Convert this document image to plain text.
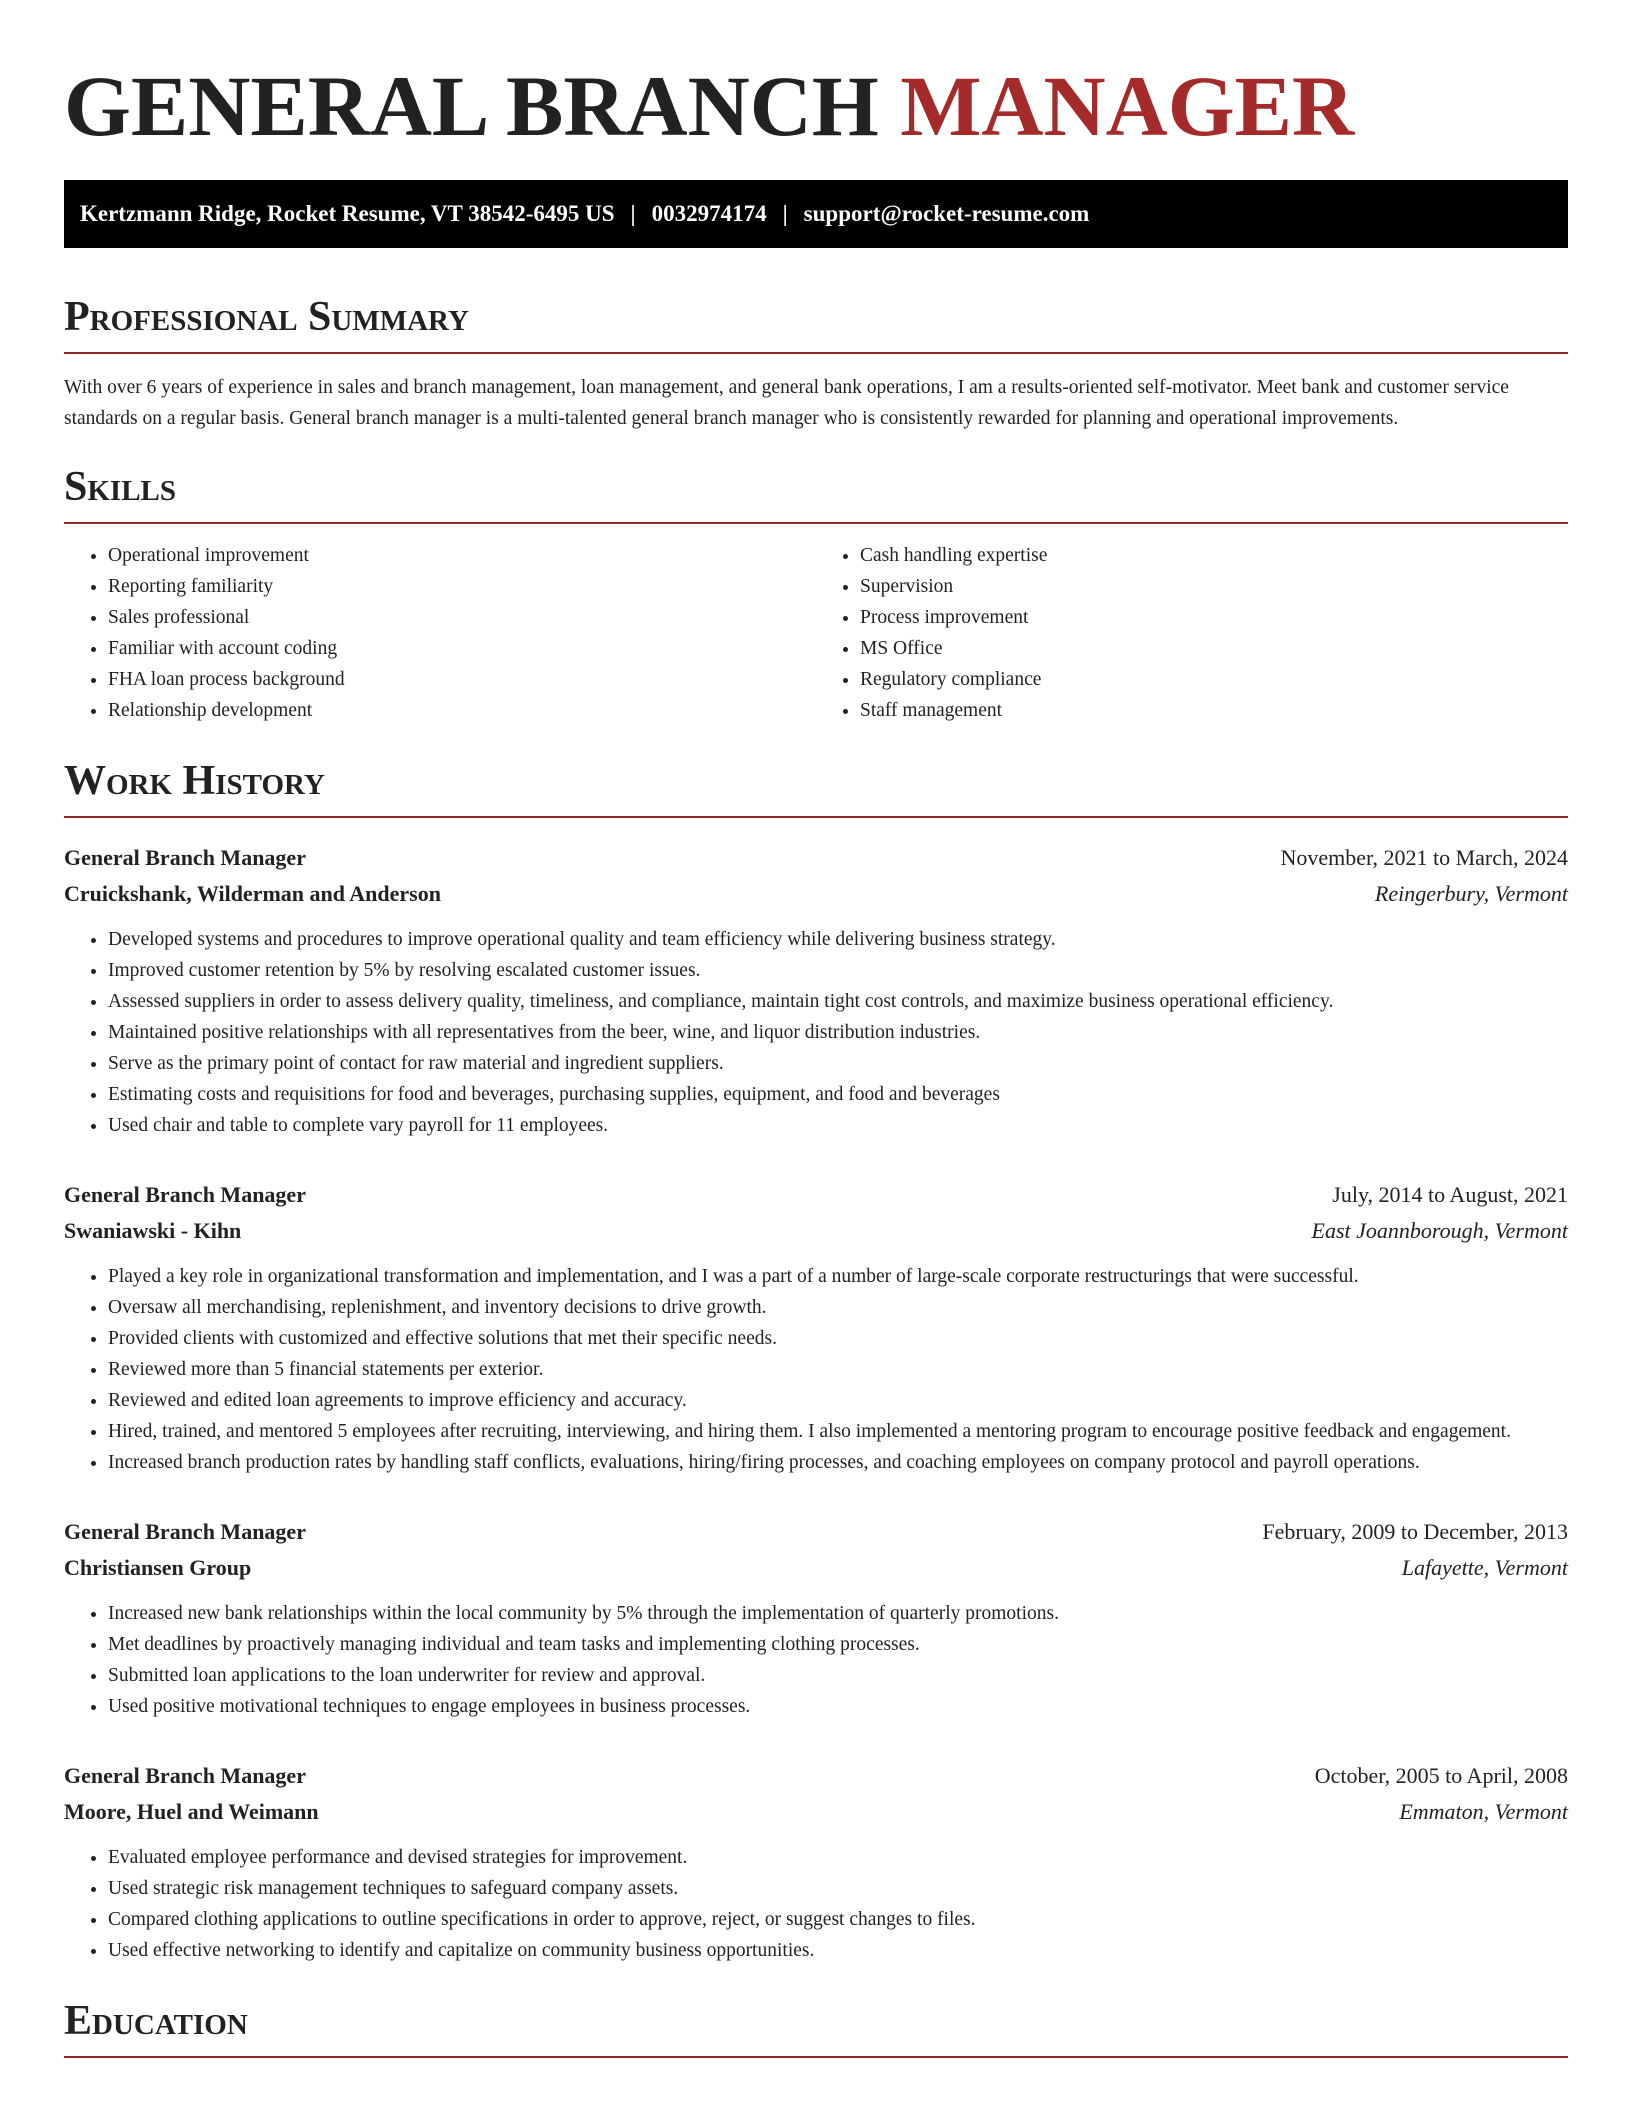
GENERAL BRANCH MANAGER
Kertzmann Ridge, Rocket Resume, VT 38542-6495 US | 0032974174 | support@rocket-resume.com
Professional Summary

With over 6 years of experience in sales and branch management, loan management, and general bank operations, I am a results-oriented self-motivator. Meet bank and customer service standards on a regular basis. General branch manager is a multi-talented general branch manager who is consistently rewarded for planning and operational improvements.

Skills
• Operational improvement
• Reporting familiarity
• Sales professional
• Familiar with account coding
• FHA loan process background
• Relationship development
• Cash handling expertise
• Supervision
• Process improvement
• MS Office
• Regulatory compliance
• Staff management
Work History
General Branch Manager	November, 2021 to March, 2024
Cruickshank, Wilderman and Anderson	Reingerbury, Vermont
• Developed systems and procedures to improve operational quality and team efficiency while delivering business strategy.
• Improved customer retention by 5% by resolving escalated customer issues.
• Assessed suppliers in order to assess delivery quality, timeliness, and compliance, maintain tight cost controls, and maximize business operational efficiency.
• Maintained positive relationships with all representatives from the beer, wine, and liquor distribution industries.
• Serve as the primary point of contact for raw material and ingredient suppliers.
• Estimating costs and requisitions for food and beverages, purchasing supplies, equipment, and food and beverages
• Used chair and table to complete vary payroll for 11 employees.
General Branch Manager	July, 2014 to August, 2021
Swaniawski - Kihn	East Joannborough, Vermont
• Played a key role in organizational transformation and implementation, and I was a part of a number of large-scale corporate restructurings that were successful.
• Oversaw all merchandising, replenishment, and inventory decisions to drive growth.
• Provided clients with customized and effective solutions that met their specific needs.
• Reviewed more than 5 financial statements per exterior.
• Reviewed and edited loan agreements to improve efficiency and accuracy.
• Hired, trained, and mentored 5 employees after recruiting, interviewing, and hiring them. I also implemented a mentoring program to encourage positive feedback and engagement.
• Increased branch production rates by handling staff conflicts, evaluations, hiring/firing processes, and coaching employees on company protocol and payroll operations.
General Branch Manager	February, 2009 to December, 2013
Christiansen Group	Lafayette, Vermont
• Increased new bank relationships within the local community by 5% through the implementation of quarterly promotions.
• Met deadlines by proactively managing individual and team tasks and implementing clothing processes.
• Submitted loan applications to the loan underwriter for review and approval.
• Used positive motivational techniques to engage employees in business processes.
General Branch Manager	October, 2005 to April, 2008
Moore, Huel and Weimann	Emmaton, Vermont
• Evaluated employee performance and devised strategies for improvement.
• Used strategic risk management techniques to safeguard company assets.
• Compared clothing applications to outline specifications in order to approve, reject, or suggest changes to files.
• Used effective networking to identify and capitalize on community business opportunities.
Education
